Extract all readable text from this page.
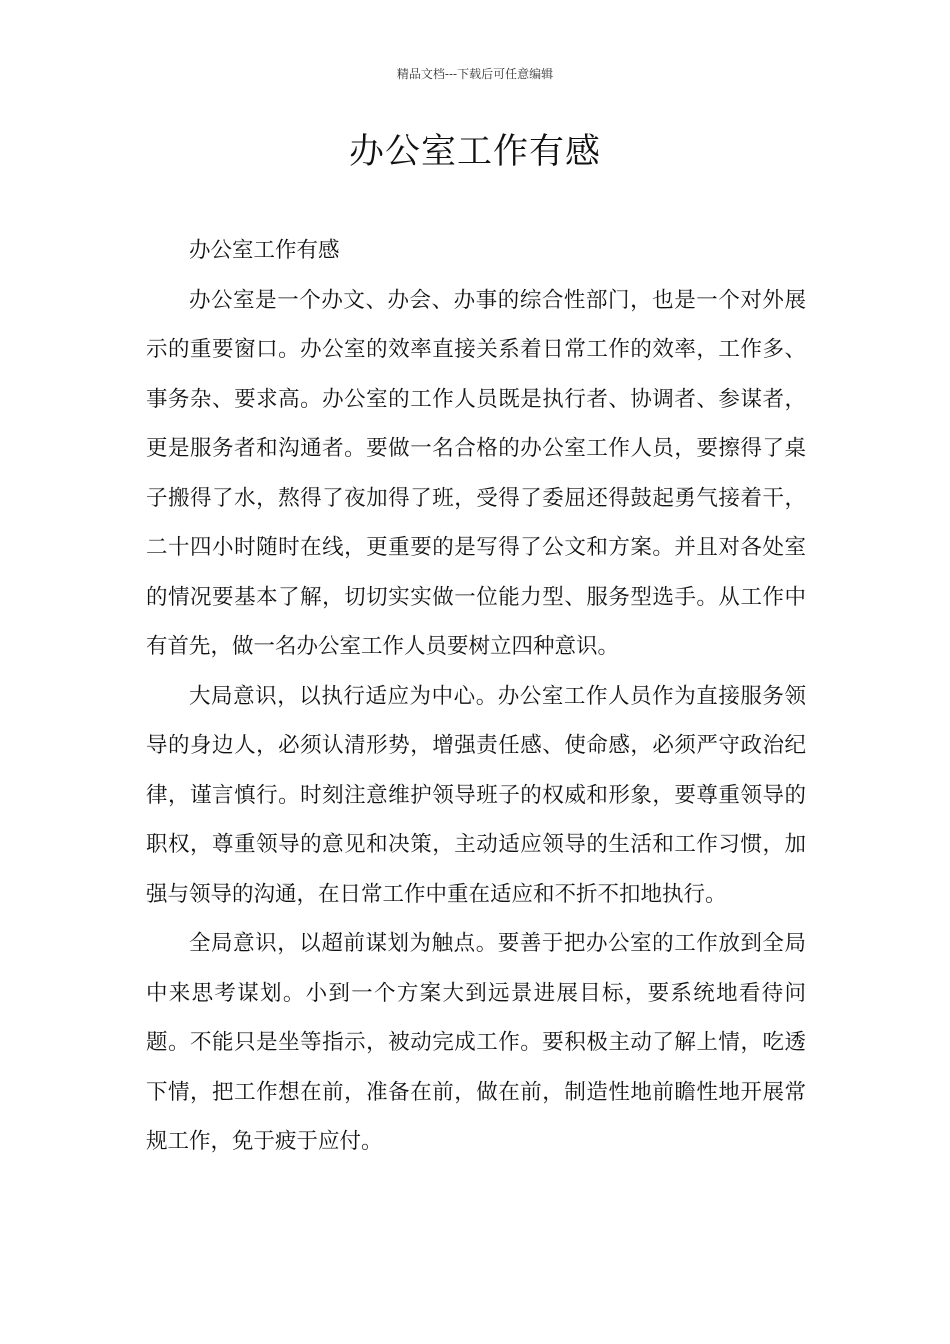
精品文档---下载后可任意编辑
办公室工作有感

办公室工作有感

办公室是一个办文、办会、办事的综合性部门，也是一个对外展示的重要窗口。办公室的效率直接关系着日常工作的效率，工作多、事务杂、要求高。办公室的工作人员既是执行者、协调者、参谋者，更是服务者和沟通者。要做一名合格的办公室工作人员，要擦得了桌子搬得了水，熬得了夜加得了班，受得了委屈还得鼓起勇气接着干，二十四小时随时在线，更重要的是写得了公文和方案。并且对各处室的情况要基本了解，切切实实做一位能力型、服务型选手。从工作中有首先，做一名办公室工作人员要树立四种意识。

大局意识，以执行适应为中心。办公室工作人员作为直接服务领导的身边人，必须认清形势，增强责任感、使命感，必须严守政治纪律，谨言慎行。时刻注意维护领导班子的权威和形象，要尊重领导的职权，尊重领导的意见和决策，主动适应领导的生活和工作习惯，加强与领导的沟通，在日常工作中重在适应和不折不扣地执行。

全局意识，以超前谋划为触点。要善于把办公室的工作放到全局中来思考谋划。小到一个方案大到远景进展目标，要系统地看待问题。不能只是坐等指示，被动完成工作。要积极主动了解上情，吃透下情，把工作想在前，准备在前，做在前，制造性地前瞻性地开展常规工作，免于疲于应付。
